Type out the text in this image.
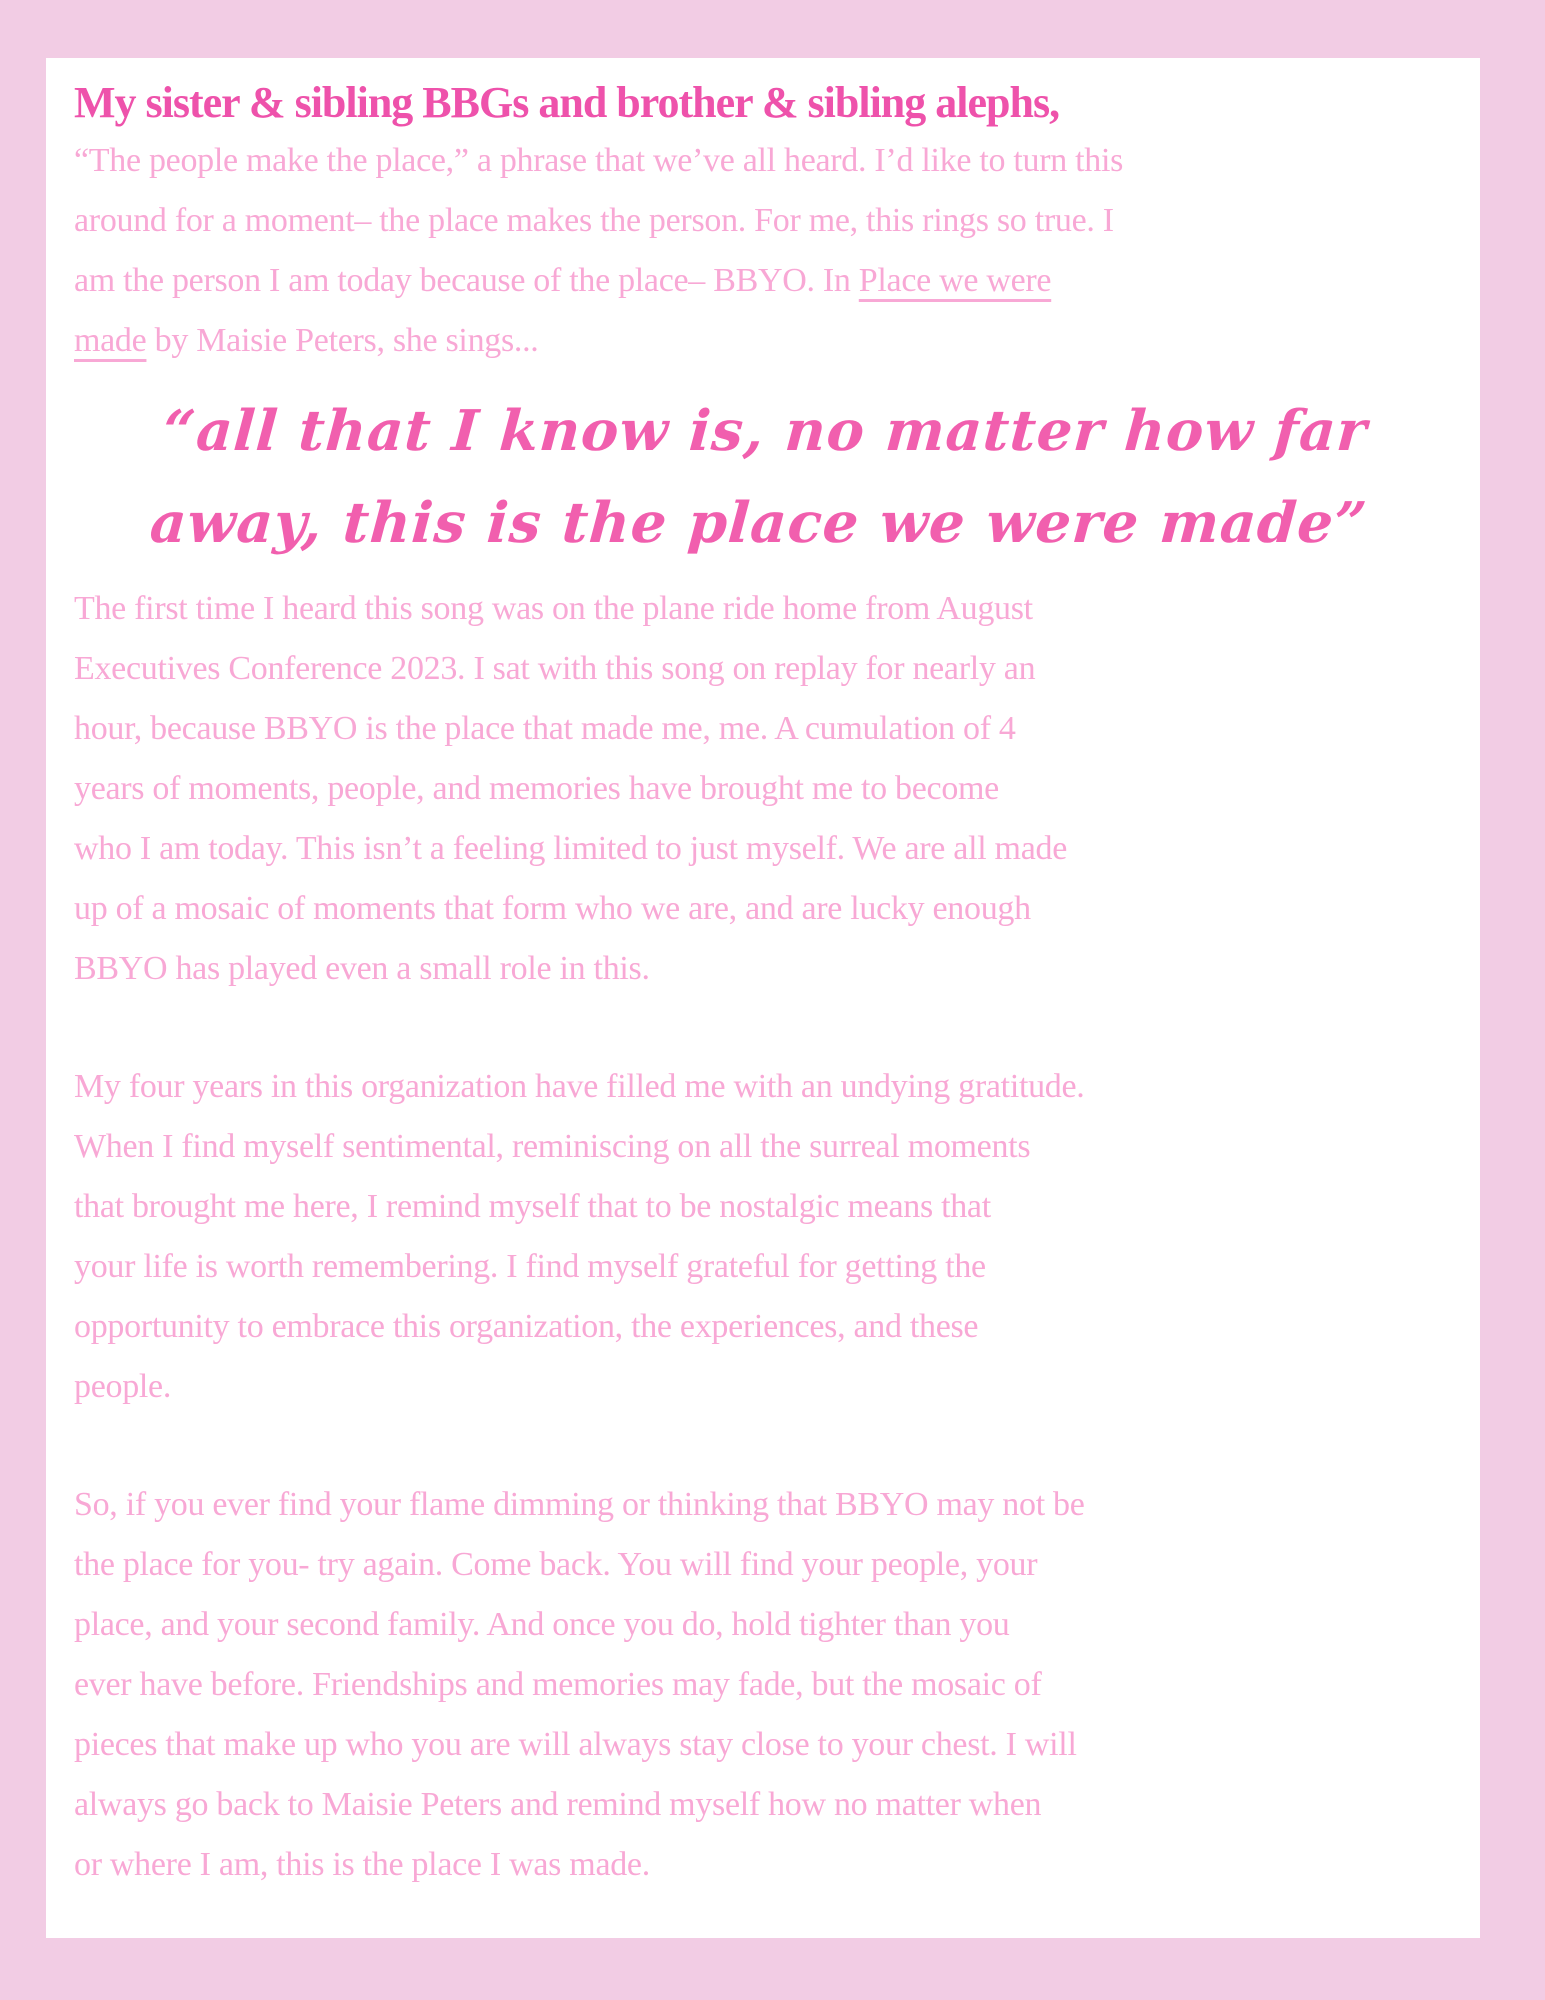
My sister & sibling BBGs and brother & sibling alephs,
“The people make the place,” a phrase that we’ve all heard. I’d like to turn this
around for a moment– the place makes the person. For me, this rings so true. I
am the person I am today because of the place– BBYO. In Place we were
made by Maisie Peters, she sings...
“all that I know is, no matter how far
away, this is the place we were made”
The first time I heard this song was on the plane ride home from August
Executives Conference 2023. I sat with this song on replay for nearly an
hour, because BBYO is the place that made me, me. A cumulation of 4
years of moments, people, and memories have brought me to become
who I am today. This isn’t a feeling limited to just myself. We are all made
up of a mosaic of moments that form who we are, and are lucky enough
BBYO has played even a small role in this.
My four years in this organization have filled me with an undying gratitude.
When I find myself sentimental, reminiscing on all the surreal moments
that brought me here, I remind myself that to be nostalgic means that
your life is worth remembering. I find myself grateful for getting the
opportunity to embrace this organization, the experiences, and these
people.
So, if you ever find your flame dimming or thinking that BBYO may not be
the place for you- try again. Come back. You will find your people, your
place, and your second family. And once you do, hold tighter than you
ever have before. Friendships and memories may fade, but the mosaic of
pieces that make up who you are will always stay close to your chest. I will
always go back to Maisie Peters and remind myself how no matter when
or where I am, this is the place I was made.
